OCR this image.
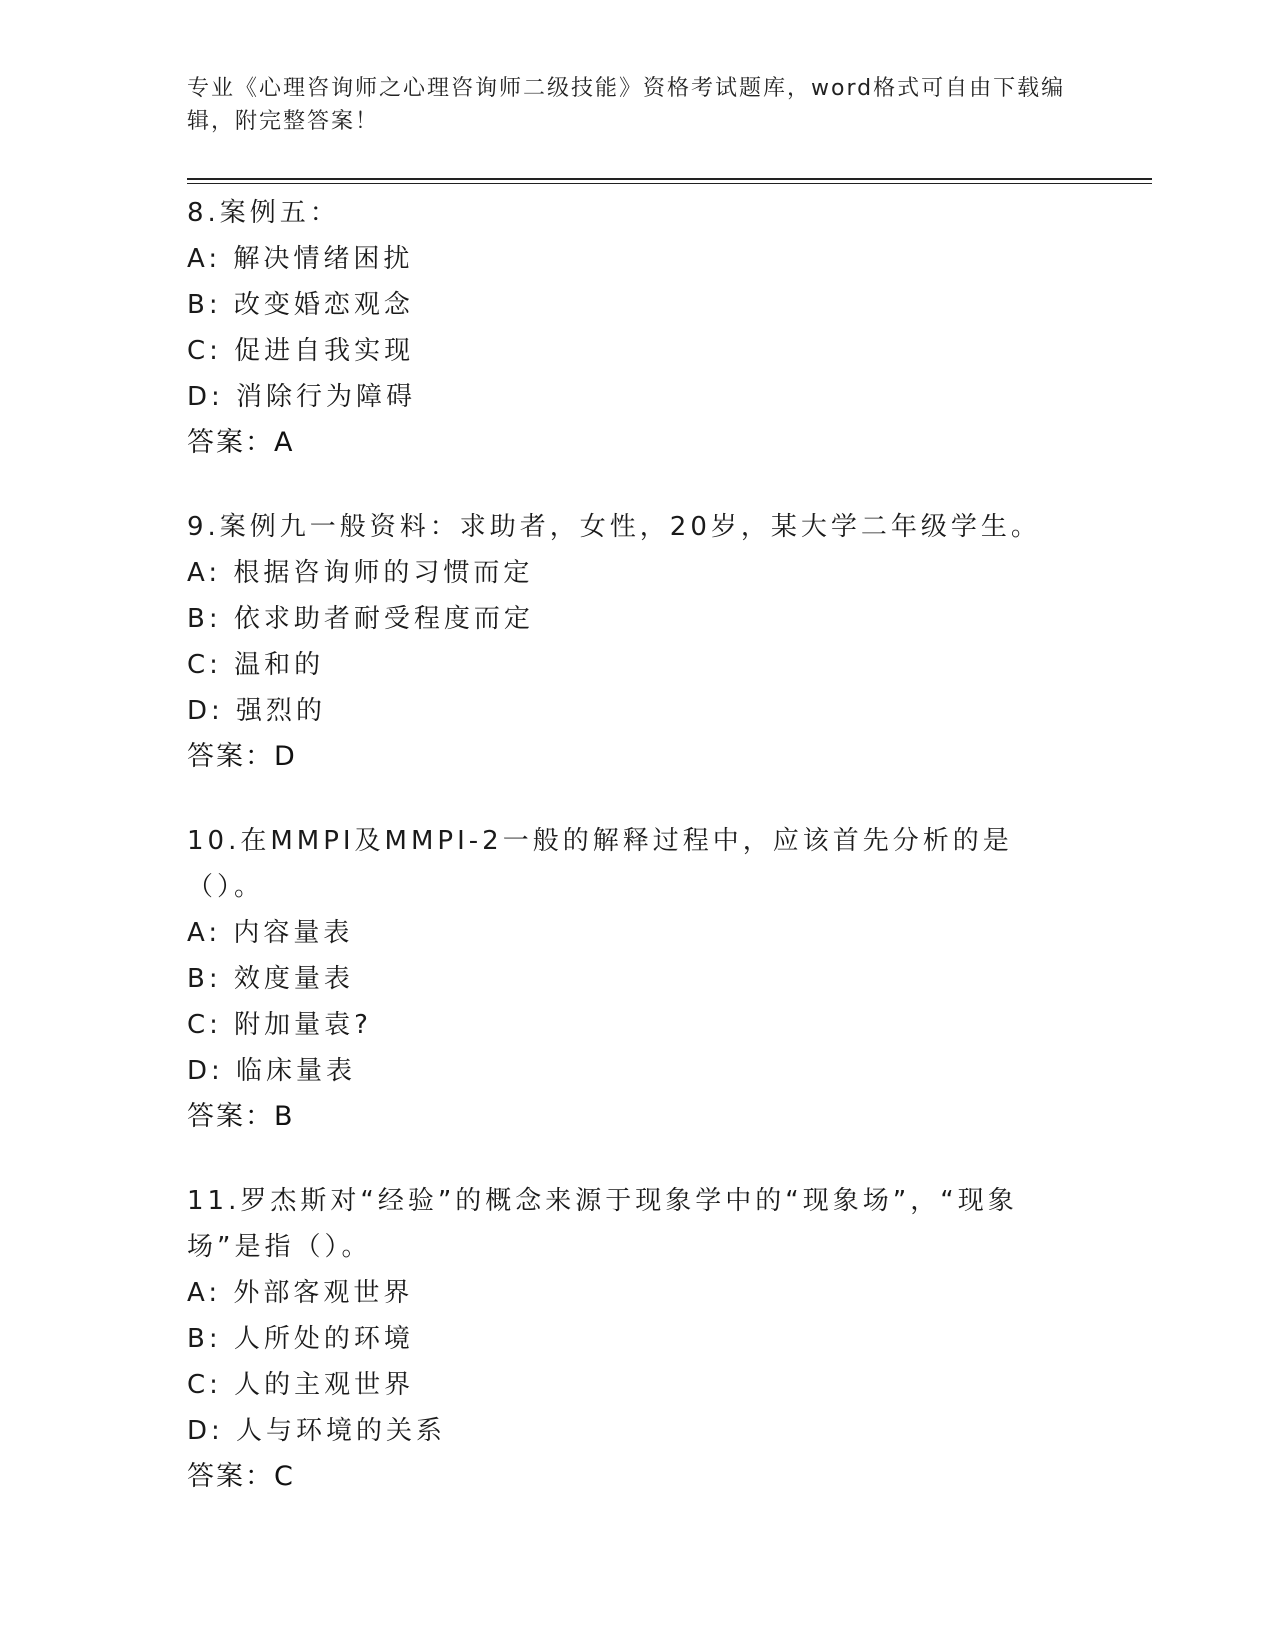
专业《心理咨询师之心理咨询师二级技能》资格考试题库，word格式可自由下载编辑，附完整答案！
8.案例五：
A: 解决情绪困扰
B: 改变婚恋观念
C: 促进自我实现
D: 消除行为障碍
答案：A
9.案例九一般资料：求助者，女性，20岁，某大学二年级学生。
A: 根据咨询师的习惯而定
B: 依求助者耐受程度而定
C: 温和的
D: 强烈的
答案：D
10.在MMPI及MMPI-2一般的解释过程中，应该首先分析的是（）。
A: 内容量表
B: 效度量表
C: 附加量袁?
D: 临床量表
答案：B
11.罗杰斯对“经验”的概念来源于现象学中的“现象场”，“现象场”是指（）。
A: 外部客观世界
B: 人所处的环境
C: 人的主观世界
D: 人与环境的关系
答案：C
